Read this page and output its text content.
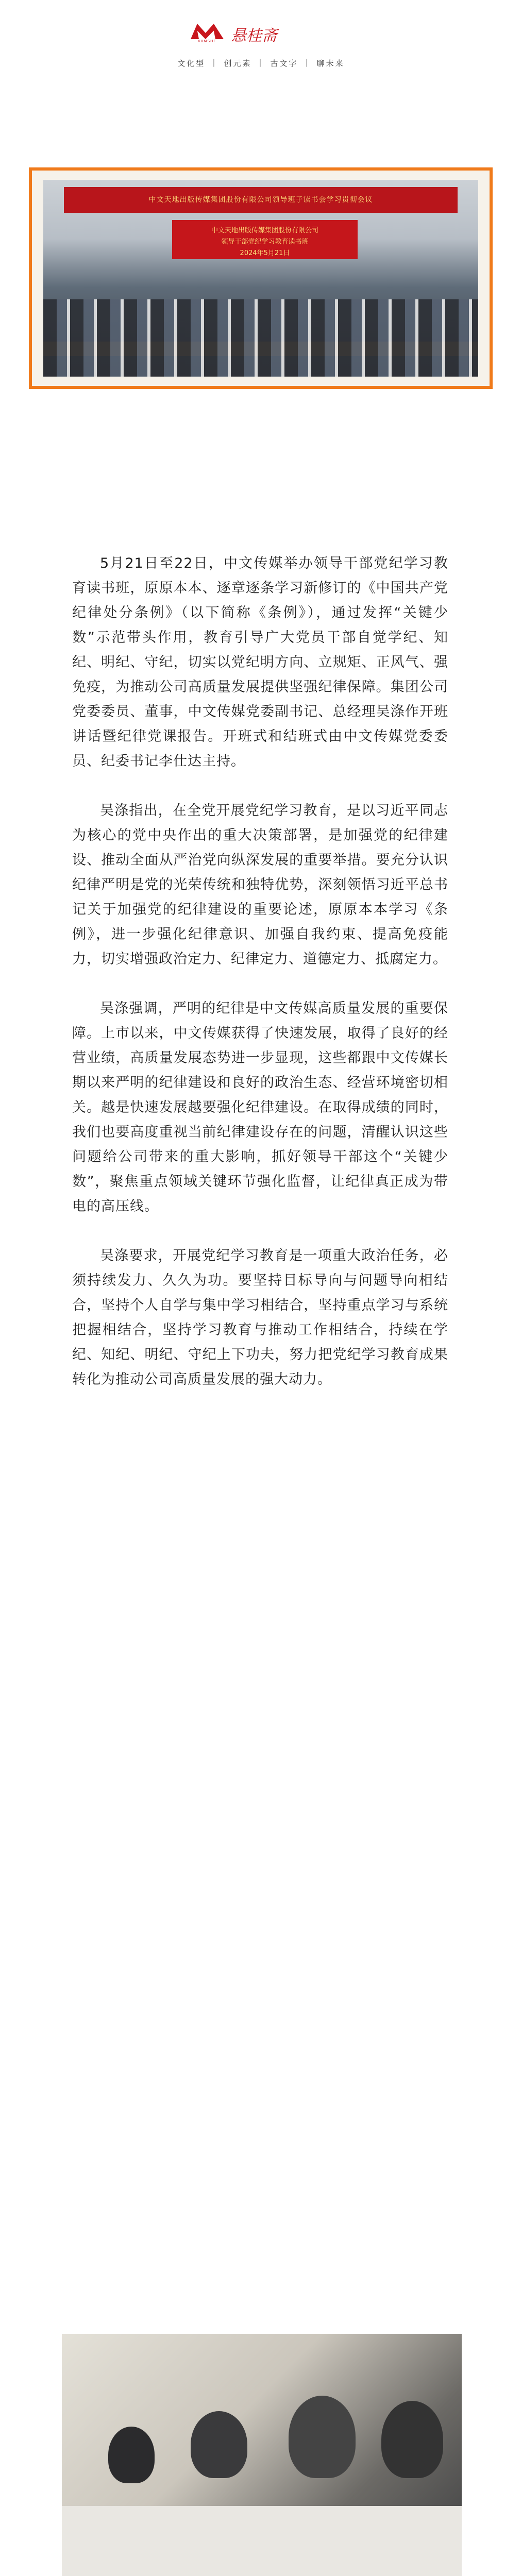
KUMSHE 悬桂斋
文化型 | 创元素 | 古文字 | 聊未来
中文天地出版传媒集团股份有限公司领导班子读书会学习贯彻会议
中文天地出版传媒集团股份有限公司
领导干部党纪学习教育读书班
2024年5月21日

5月21日至22日，中文传媒举办领导干部党纪学习教育读书班，原原本本、逐章逐条学习新修订的《中国共产党纪律处分条例》（以下简称《条例》），通过发挥“关键少数”示范带头作用，教育引导广大党员干部自觉学纪、知纪、明纪、守纪，切实以党纪明方向、立规矩、正风气、强免疫，为推动公司高质量发展提供坚强纪律保障。集团公司党委委员、董事，中文传媒党委副书记、总经理吴涤作开班讲话暨纪律党课报告。开班式和结班式由中文传媒党委委员、纪委书记李仕达主持。

吴涤指出，在全党开展党纪学习教育，是以习近平同志为核心的党中央作出的重大决策部署，是加强党的纪律建设、推动全面从严治党向纵深发展的重要举措。要充分认识纪律严明是党的光荣传统和独特优势，深刻领悟习近平总书记关于加强党的纪律建设的重要论述，原原本本学习《条例》，进一步强化纪律意识、加强自我约束、提高免疫能力，切实增强政治定力、纪律定力、道德定力、抵腐定力。

吴涤强调，严明的纪律是中文传媒高质量发展的重要保障。上市以来，中文传媒获得了快速发展，取得了良好的经营业绩，高质量发展态势进一步显现，这些都跟中文传媒长期以来严明的纪律建设和良好的政治生态、经营环境密切相关。越是快速发展越要强化纪律建设。在取得成绩的同时，我们也要高度重视当前纪律建设存在的问题，清醒认识这些问题给公司带来的重大影响，抓好领导干部这个“关键少数”，聚焦重点领域关键环节强化监督，让纪律真正成为带电的高压线。

吴涤要求，开展党纪学习教育是一项重大政治任务，必须持续发力、久久为功。要坚持目标导向与问题导向相结合，坚持个人自学与集中学习相结合，坚持重点学习与系统把握相结合，坚持学习教育与推动工作相结合，持续在学纪、知纪、明纪、守纪上下功夫，努力把党纪学习教育成果转化为推动公司高质量发展的强大动力。
